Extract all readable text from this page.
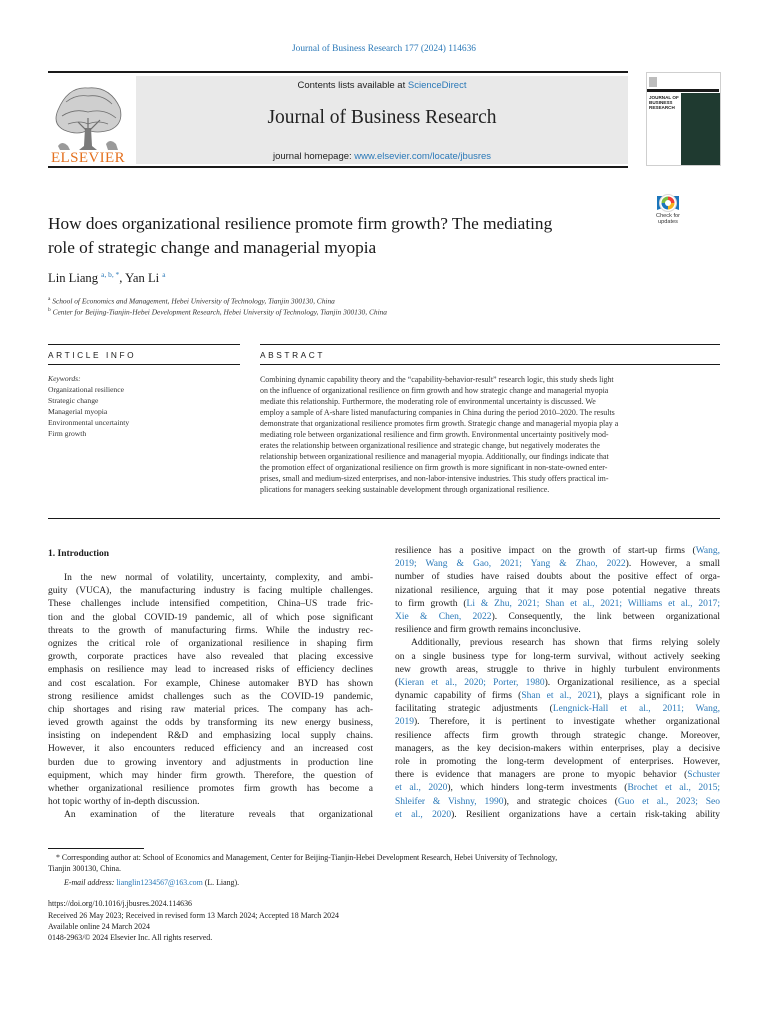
Journal of Business Research 177 (2024) 114636
ELSEVIER
Contents lists available at ScienceDirect
Journal of Business Research
journal homepage: www.elsevier.com/locate/jbusres
JOURNAL OF BUSINESS RESEARCH
How does organizational resilience promote firm growth? The mediating
role of strategic change and managerial myopia
Check for
updates
Lin Liang $^{a, b, *}$, Yan Li $^a$
$^a$ School of Economics and Management, Hebei University of Technology, Tianjin 300130, China
$^b$ Center for Beijing-Tianjin-Hebei Development Research, Hebei University of Technology, Tianjin 300130, China
ARTICLE INFO
Keywords:
Organizational resilience
Strategic change
Managerial myopia
Environmental uncertainty
Firm growth
ABSTRACT
Combining dynamic capability theory and the “capability-behavior-result” research logic, this study sheds light
on the influence of organizational resilience on firm growth and how strategic change and managerial myopia
mediate this relationship. Furthermore, the moderating role of environmental uncertainty is discussed. We
employ a sample of A-share listed manufacturing companies in China during the period 2010–2020. The results
demonstrate that organizational resilience promotes firm growth. Strategic change and managerial myopia play a
mediating role between organizational resilience and firm growth. Environmental uncertainty positively mod-
erates the relationship between organizational resilience and strategic change, but negatively moderates the
relationship between organizational resilience and managerial myopia. Additionally, our findings indicate that
the promotion effect of organizational resilience on firm growth is more significant in non-state-owned enter-
prises, small and medium-sized enterprises, and non-labor-intensive industries. This study offers practical im-
plications for managers seeking sustainable development through organizational resilience.
1. Introduction
In the new normal of volatility, uncertainty, complexity, and ambi-
guity (VUCA), the manufacturing industry is facing multiple challenges.
These challenges include intensified competition, China–US trade fric-
tion and the global COVID-19 pandemic, all of which pose significant
threats to the growth of manufacturing firms. While the industry rec-
ognizes the critical role of organizational resilience in shaping firm
growth, corporate practices have also revealed that placing excessive
emphasis on resilience may lead to increased risks of efficiency declines
and cost escalation. For example, Chinese automaker BYD has shown
strong resilience amidst challenges such as the COVID-19 pandemic,
chip shortages and rising raw material prices. The company has ach-
ieved growth against the odds by transforming its new energy business,
insisting on independent R&D and emphasizing local supply chains.
However, it also encounters reduced efficiency and an increased cost
burden due to growing inventory and adjustments in production line
equipment, which may hinder firm growth. Therefore, the question of
whether organizational resilience promotes firm growth has become a
hot topic worthy of in-depth discussion.
An examination of the literature reveals that organizational
resilience has a positive impact on the growth of start-up firms (Wang,
2019; Wang & Gao, 2021; Yang & Zhao, 2022). However, a small
number of studies have raised doubts about the positive effect of orga-
nizational resilience, arguing that it may pose potential negative threats
to firm growth (Li & Zhu, 2021; Shan et al., 2021; Williams et al., 2017;
Xie & Chen, 2022). Consequently, the link between organizational
resilience and firm growth remains inconclusive.
Additionally, previous research has shown that firms relying solely
on a single business type for long-term survival, without actively seeking
new growth areas, struggle to thrive in highly turbulent environments
(Kieran et al., 2020; Porter, 1980). Organizational resilience, as a special
dynamic capability of firms (Shan et al., 2021), plays a significant role in
facilitating strategic adjustments (Lengnick-Hall et al., 2011; Wang,
2019). Therefore, it is pertinent to investigate whether organizational
resilience affects firm growth through strategic change. Moreover,
managers, as the key decision-makers within enterprises, play a decisive
role in promoting the long-term development of enterprises. However,
there is evidence that managers are prone to myopic behavior (Schuster
et al., 2020), which hinders long-term investments (Brochet et al., 2015;
Shleifer & Vishny, 1990), and strategic choices (Guo et al., 2023; Seo
et al., 2020). Resilient organizations have a certain risk-taking ability
* Corresponding author at: School of Economics and Management, Center for Beijing-Tianjin-Hebei Development Research, Hebei University of Technology,
Tianjin 300130, China.
E-mail address: lianglin1234567@163.com (L. Liang).
https://doi.org/10.1016/j.jbusres.2024.114636
Received 26 May 2023; Received in revised form 13 March 2024; Accepted 18 March 2024
Available online 24 March 2024
0148-2963/© 2024 Elsevier Inc. All rights reserved.
